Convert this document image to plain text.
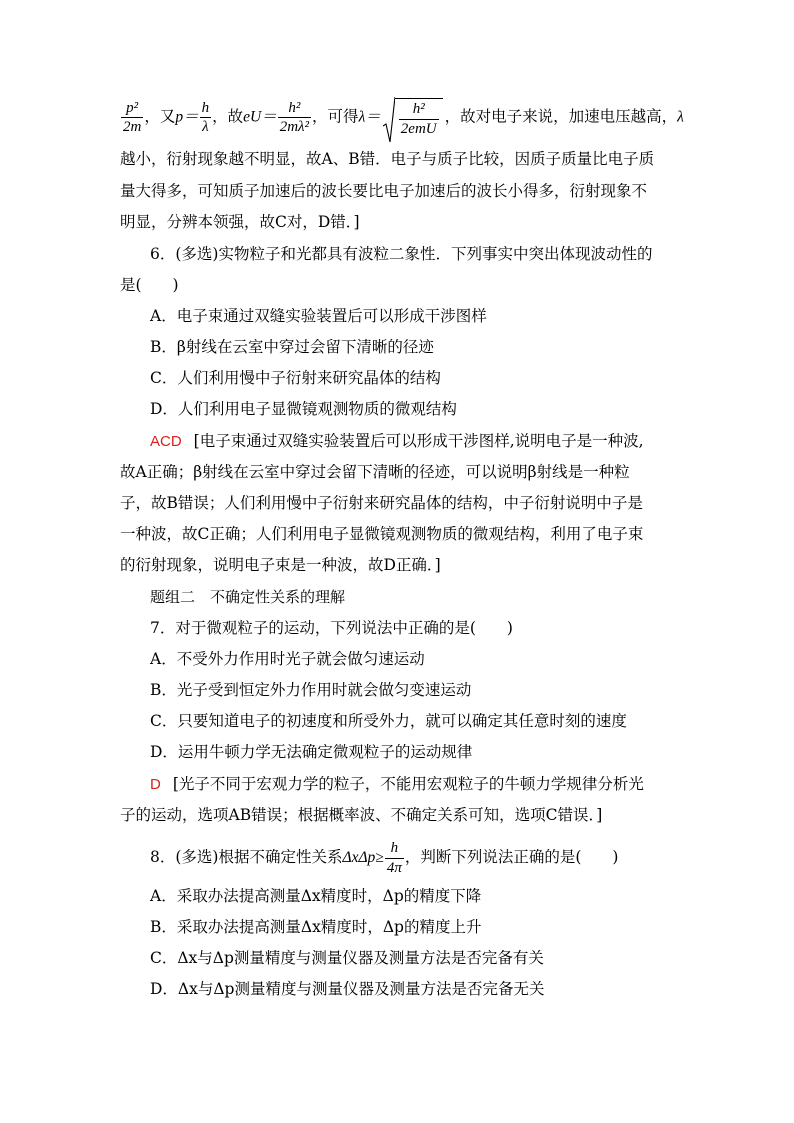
$\frac{\text{p²}}{2m}$ ，又$p= \frac{h}{\lambda}$ ，故$eU= \frac{\text{h²}}{\text{2mλ²}}$ ，可得$\lambda= \frac{\text{h²}}{\text{2emU}}$ ，故对电子来说，加速电压越高，λ
越小，衍射现象越不明显，故A、B错．电子与质子比较，因质子质量比电子质
量大得多，可知质子加速后的波长要比电子加速后的波长小得多，衍射现象不
明显，分辨本领强，故C对，D错．]
6．(多选)实物粒子和光都具有波粒二象性．下列事实中突出体现波动性的
是(　　)
A．电子束通过双缝实验装置后可以形成干涉图样
B．β射线在云室中穿过会留下清晰的径迹
C．人们利用慢中子衍射来研究晶体的结构
D．人们利用电子显微镜观测物质的微观结构
ACD [电子束通过双缝实验装置后可以形成干涉图样,说明电子是一种波,
故A正确；β射线在云室中穿过会留下清晰的径迹，可以说明β射线是一种粒
子，故B错误；人们利用慢中子衍射来研究晶体的结构，中子衍射说明中子是
一种波，故C正确；人们利用电子显微镜观测物质的微观结构，利用了电子束
的衍射现象，说明电子束是一种波，故D正确．]
题组二　不确定性关系的理解
7．对于微观粒子的运动，下列说法中正确的是(　　)
A．不受外力作用时光子就会做匀速运动
B．光子受到恒定外力作用时就会做匀变速运动
C．只要知道电子的初速度和所受外力，就可以确定其任意时刻的速度
D．运用牛顿力学无法确定微观粒子的运动规律
D [光子不同于宏观力学的粒子，不能用宏观粒子的牛顿力学规律分析光
子的运动，选项AB错误；根据概率波、不确定关系可知，选项C错误．]
8．(多选)根据不确定性关系$\Delta x\Delta p\ge \frac{h}{4\pi}$ ，判断下列说法正确的是(　　)
A．采取办法提高测量Δx精度时，Δp的精度下降
B．采取办法提高测量Δx精度时，Δp的精度上升
C．Δx与Δp测量精度与测量仪器及测量方法是否完备有关
D．Δx与Δp测量精度与测量仪器及测量方法是否完备无关
